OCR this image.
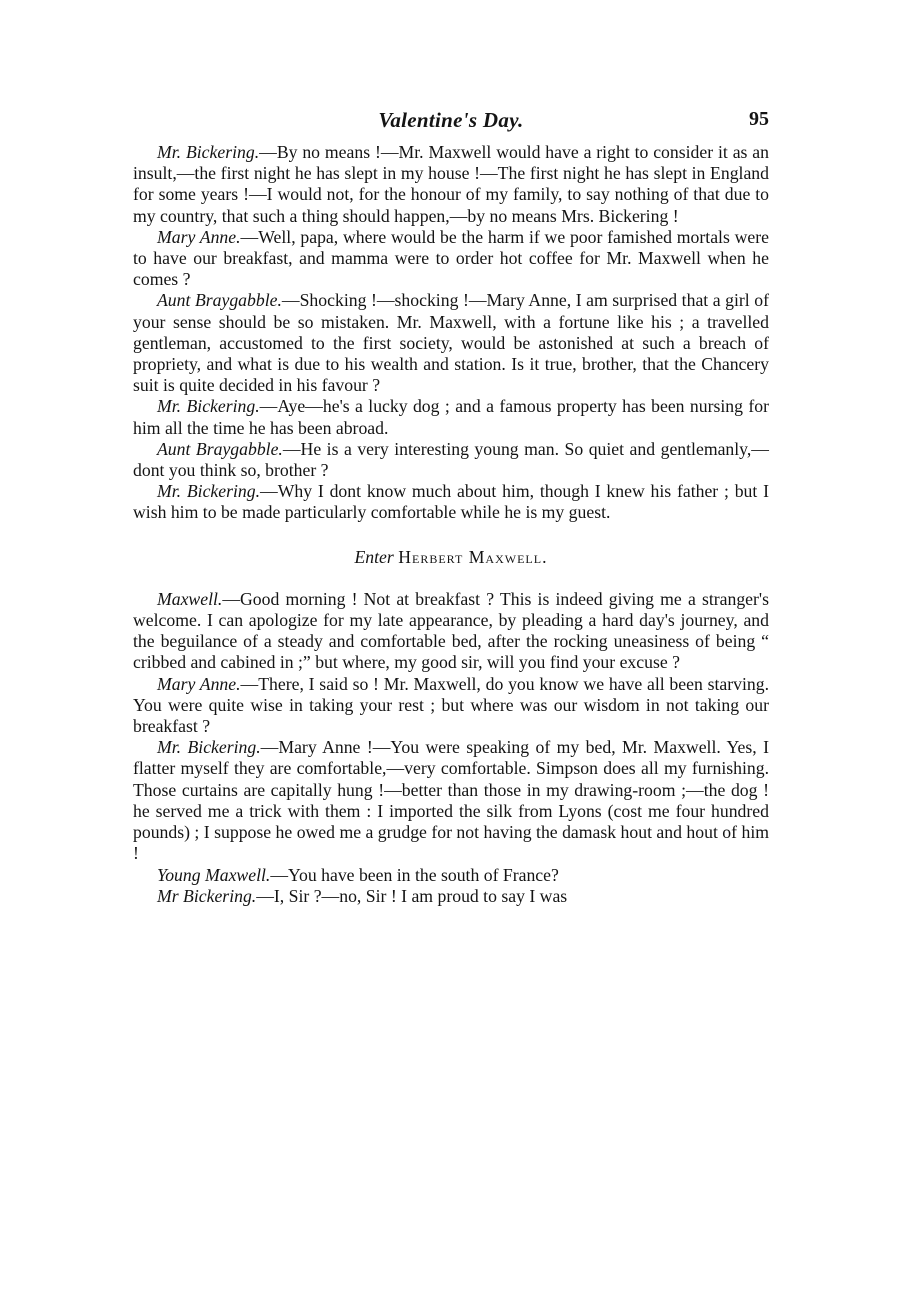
Valentine's Day.	95

Mr. Bickering.—By no means !—Mr. Maxwell would have a right to consider it as an insult,—the first night he has slept in my house !—The first night he has slept in England for some years !—I would not, for the honour of my family, to say nothing of that due to my country, that such a thing should happen,—by no means Mrs. Bickering !

Mary Anne.—Well, papa, where would be the harm if we poor famished mortals were to have our breakfast, and mamma were to order hot coffee for Mr. Maxwell when he comes ?

Aunt Braygabble.—Shocking !—shocking !—Mary Anne, I am surprised that a girl of your sense should be so mistaken. Mr. Maxwell, with a fortune like his ; a travelled gentleman, accustomed to the first society, would be astonished at such a breach of propriety, and what is due to his wealth and station. Is it true, brother, that the Chancery suit is quite decided in his favour ?

Mr. Bickering.—Aye—he's a lucky dog ; and a famous property has been nursing for him all the time he has been abroad.

Aunt Braygabble.—He is a very interesting young man. So quiet and gentlemanly,—dont you think so, brother ?

Mr. Bickering.—Why I dont know much about him, though I knew his father ; but I wish him to be made particularly comfortable while he is my guest.

Enter Herbert Maxwell.

Maxwell.—Good morning ! Not at breakfast ? This is indeed giving me a stranger's welcome. I can apologize for my late appearance, by pleading a hard day's journey, and the beguilance of a steady and comfortable bed, after the rocking uneasiness of being “ cribbed and cabined in ;” but where, my good sir, will you find your excuse ?

Mary Anne.—There, I said so ! Mr. Maxwell, do you know we have all been starving. You were quite wise in taking your rest ; but where was our wisdom in not taking our breakfast ?

Mr. Bickering.—Mary Anne !—You were speaking of my bed, Mr. Maxwell. Yes, I flatter myself they are comfortable,—very comfortable. Simpson does all my furnishing. Those curtains are capitally hung !—better than those in my drawing-room ;—the dog ! he served me a trick with them : I imported the silk from Lyons (cost me four hundred pounds) ; I suppose he owed me a grudge for not having the damask hout and hout of him !

Young Maxwell.—You have been in the south of France?

Mr Bickering.—I, Sir ?—no, Sir ! I am proud to say I was
